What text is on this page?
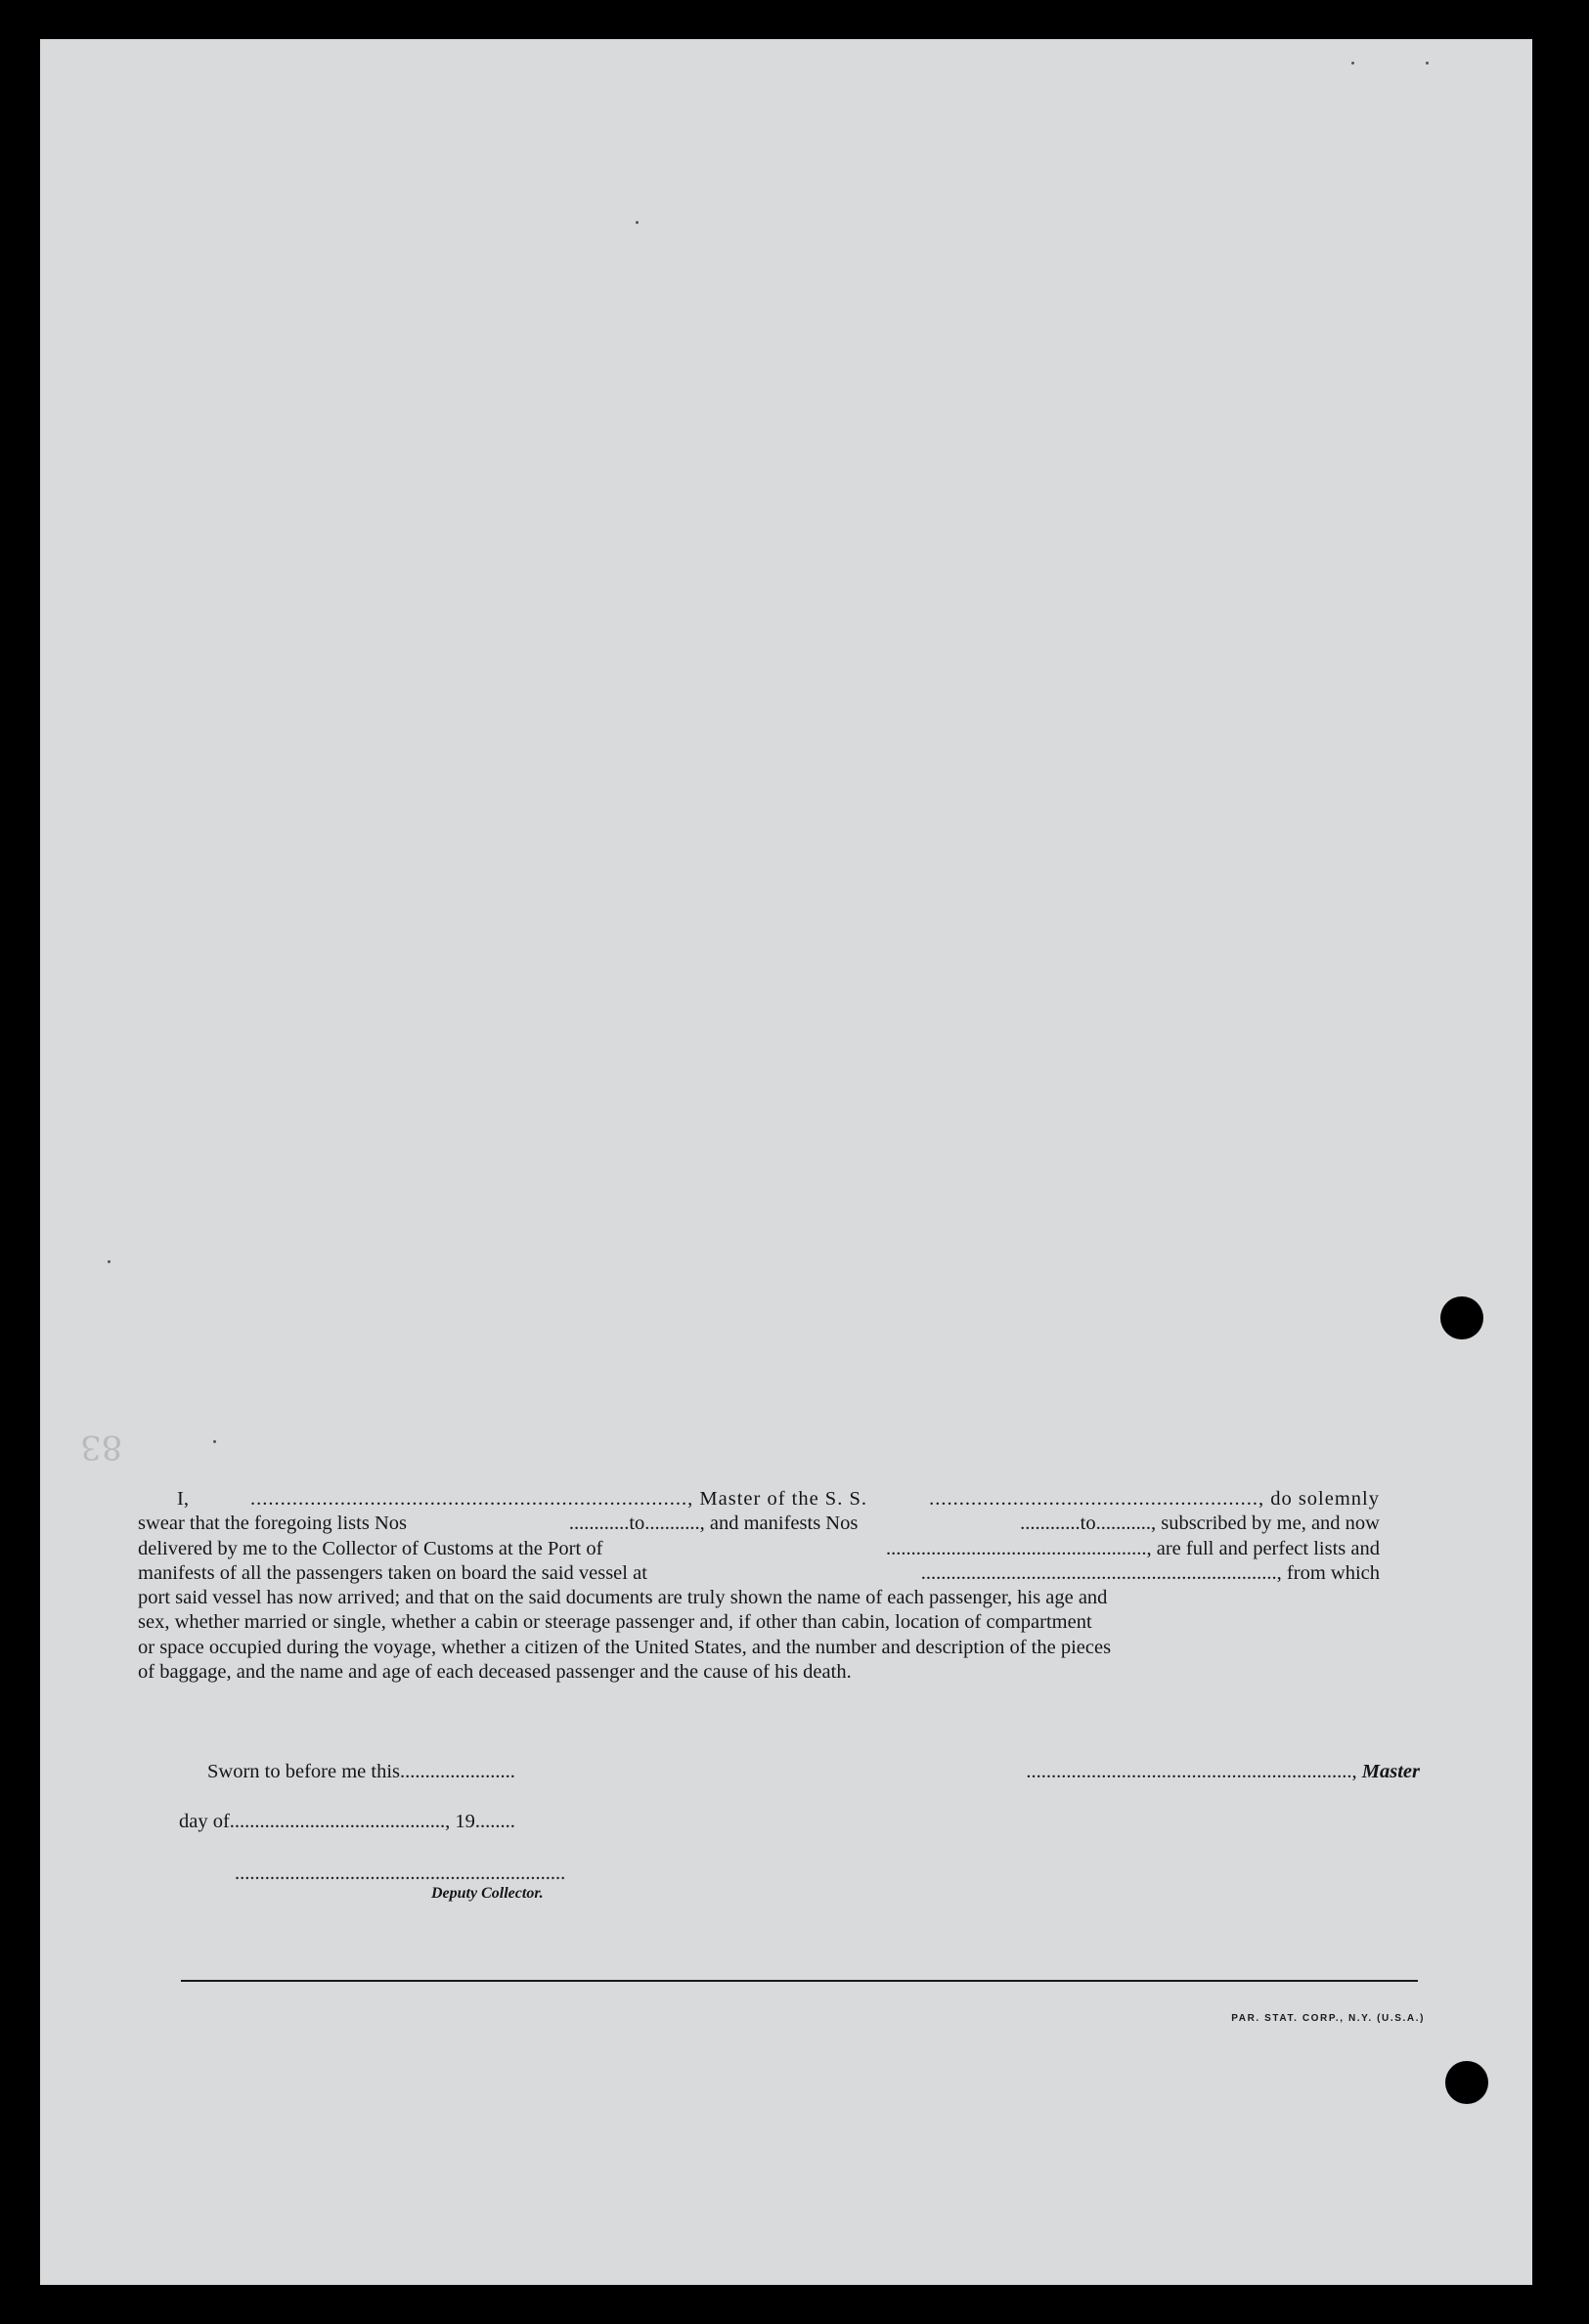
83
I,	........................................................................., Master of the S. S.	......................................................., do solemnly
swear that the foregoing lists Nos	............to..........., and manifests Nos	............to..........., subscribed by me, and now
delivered by me to the Collector of Customs at the Port of	...................................................., are full and perfect lists and
manifests of all the passengers taken on board the said vessel at	......................................................................., from which
port said vessel has now arrived; and that on the said documents are truly shown the name of each passenger, his age and
sex, whether married or single, whether a cabin or steerage passenger and, if other than cabin, location of compartment
or space occupied during the voyage, whether a citizen of the United States, and the number and description of the pieces
of baggage, and the name and age of each deceased passenger and the cause of his death.
Sworn to before me this.......................	................................................................., Master
day of..........................................., 19........
..................................................................
Deputy Collector.
PAR. STAT. CORP., N.Y. (U.S.A.)
